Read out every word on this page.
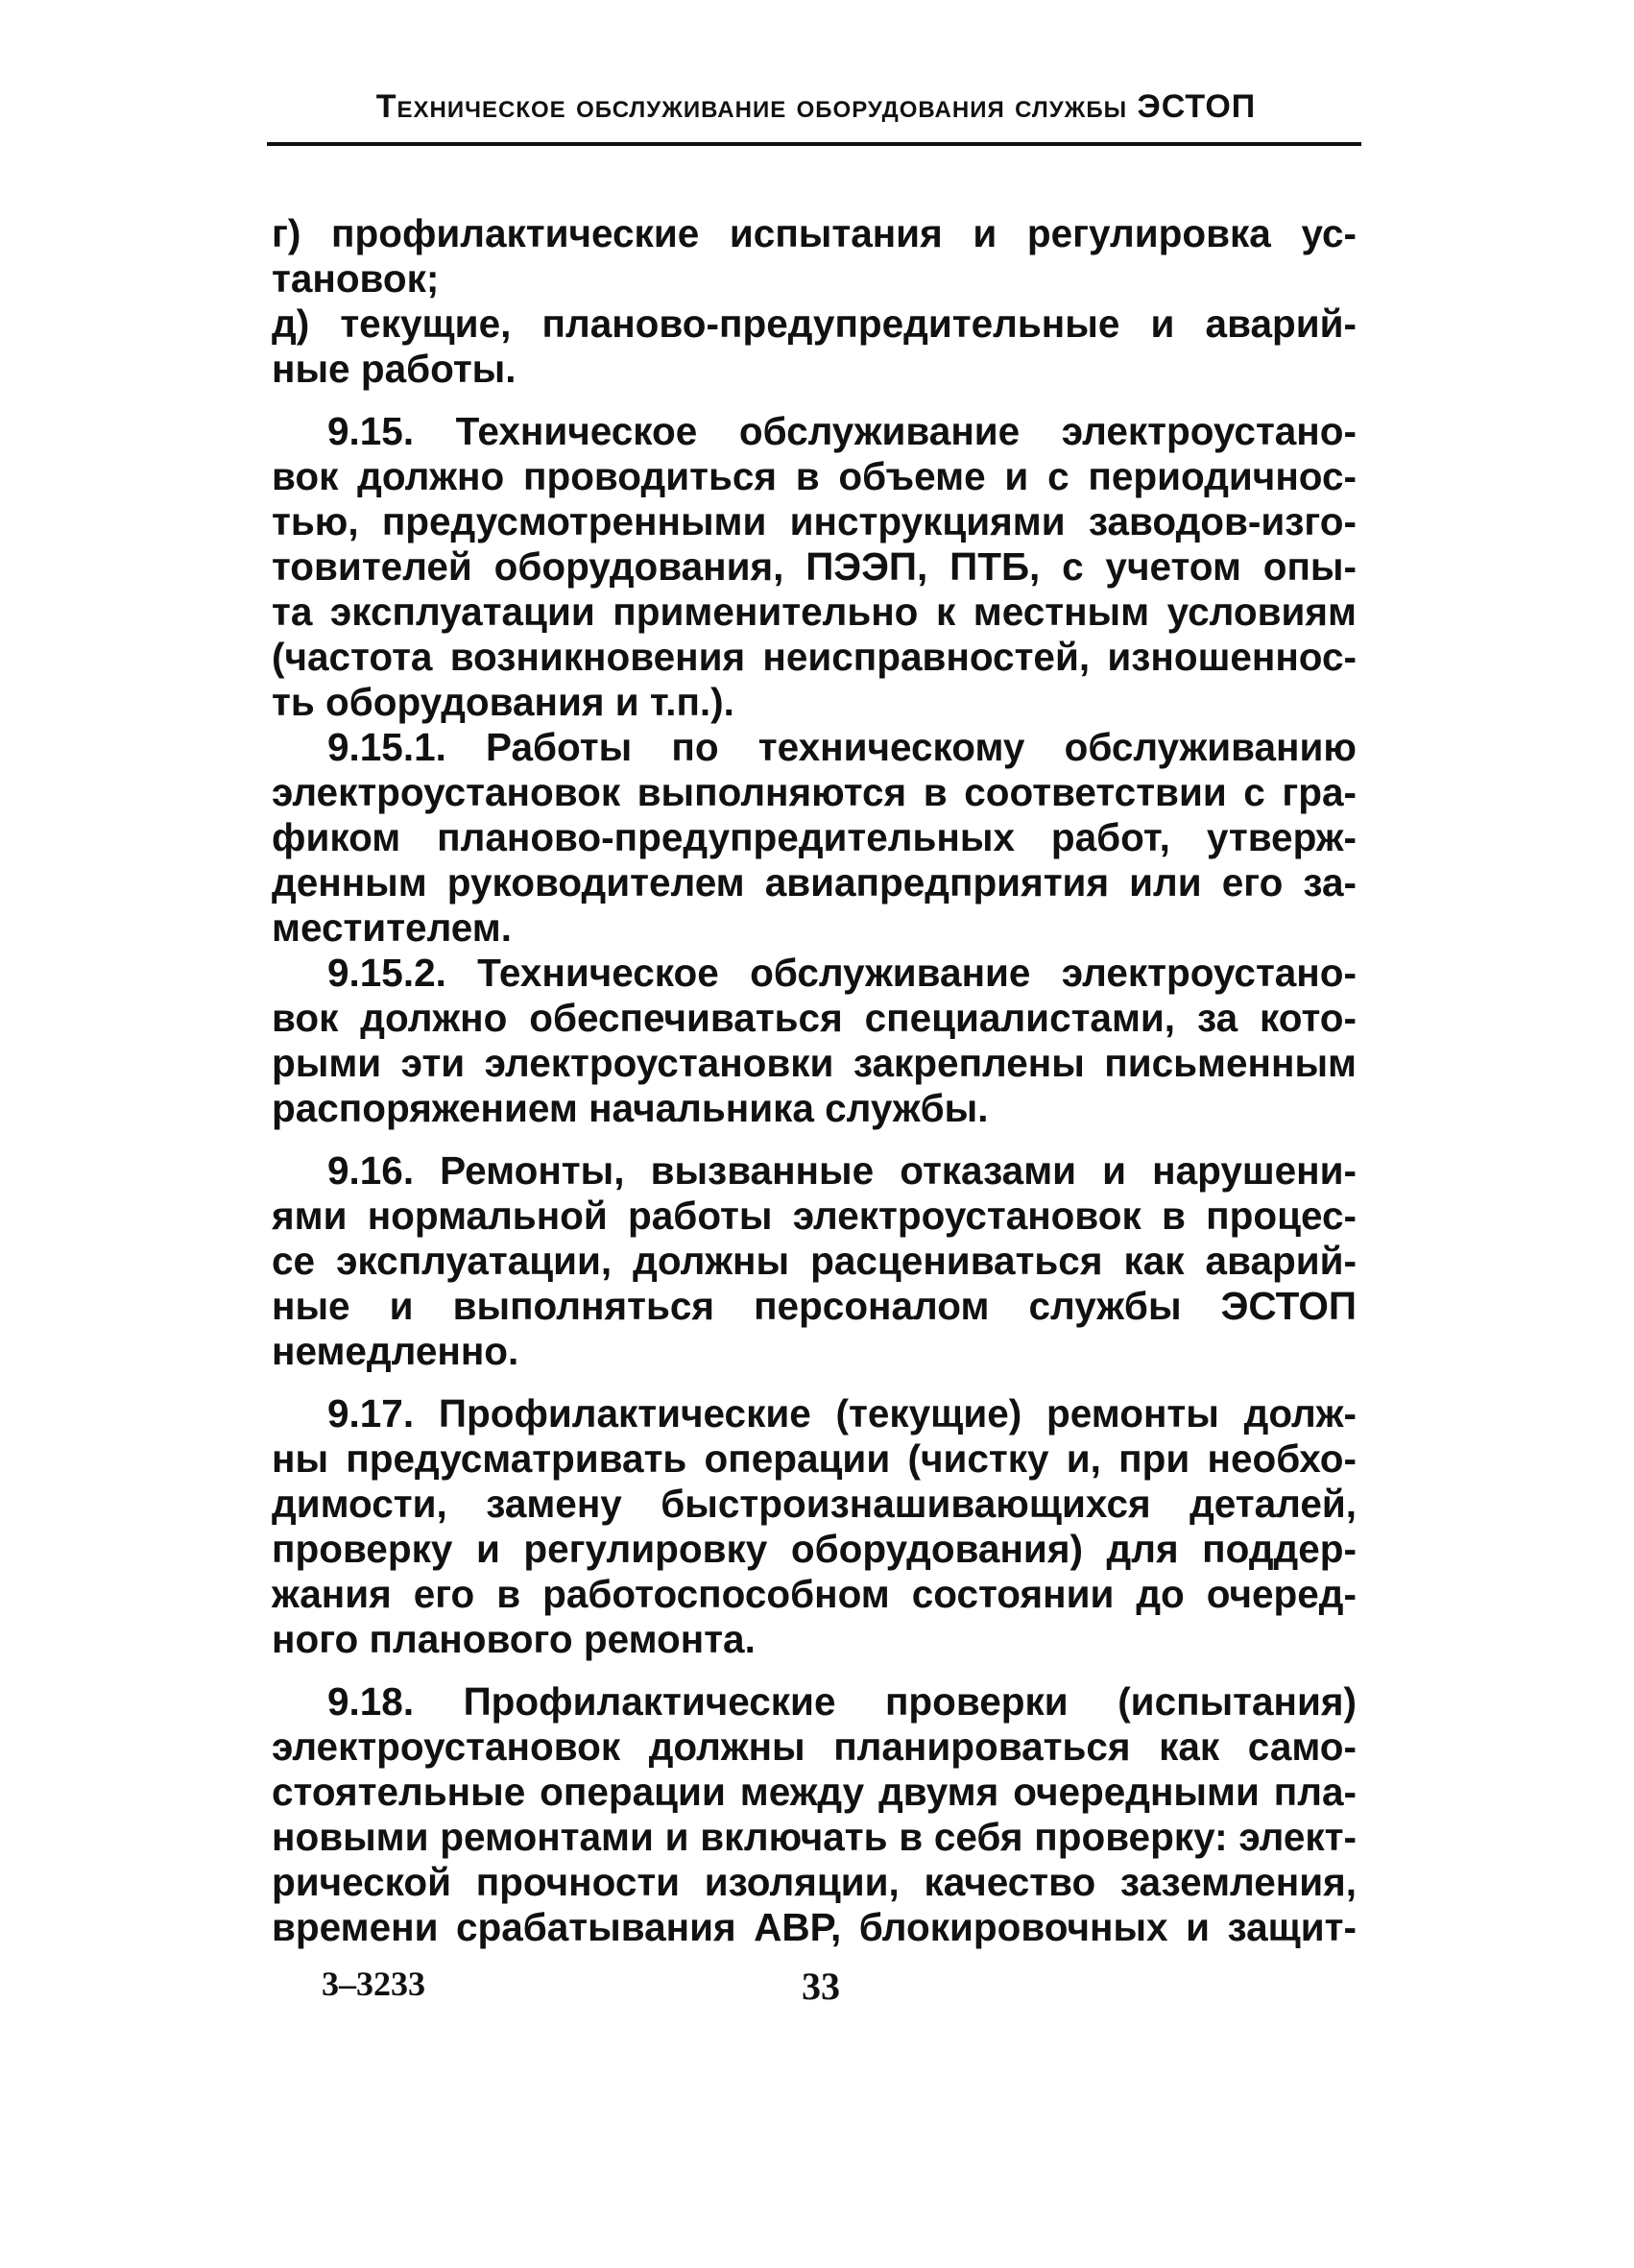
Техническое обслуживание оборудования службы ЭСТОП
г) профилактические испытания и регулировка ус-
тановок;
д) текущие, планово-предупредительные и аварий-
ные работы.
9.15. Техническое обслуживание электроустано-
вок должно проводиться в объеме и с периодичнос-
тью, предусмотренными инструкциями заводов-изго-
товителей оборудования, ПЭЭП, ПТБ, с учетом опы-
та эксплуатации применительно к местным условиям
(частота возникновения неисправностей, изношеннос-
ть оборудования и т.п.).
9.15.1. Работы по техническому обслуживанию
электроустановок выполняются в соответствии с гра-
фиком планово-предупредительных работ, утверж-
денным руководителем авиапредприятия или его за-
местителем.
9.15.2. Техническое обслуживание электроустано-
вок должно обеспечиваться специалистами, за кото-
рыми эти электроустановки закреплены письменным
распоряжением начальника службы.
9.16. Ремонты, вызванные отказами и нарушени-
ями нормальной работы электроустановок в процес-
се эксплуатации, должны расцениваться как аварий-
ные и выполняться персоналом службы ЭСТОП
немедленно.
9.17. Профилактические (текущие) ремонты долж-
ны предусматривать операции (чистку и, при необхо-
димости, замену быстроизнашивающихся деталей,
проверку и регулировку оборудования) для поддер-
жания его в работоспособном состоянии до очеред-
ного планового ремонта.
9.18. Профилактические проверки (испытания)
электроустановок должны планироваться как само-
стоятельные операции между двумя очередными пла-
новыми ремонтами и включать в себя проверку: элект-
рической прочности изоляции, качество заземления,
времени срабатывания АВР, блокировочных и защит-
3–3233	33
